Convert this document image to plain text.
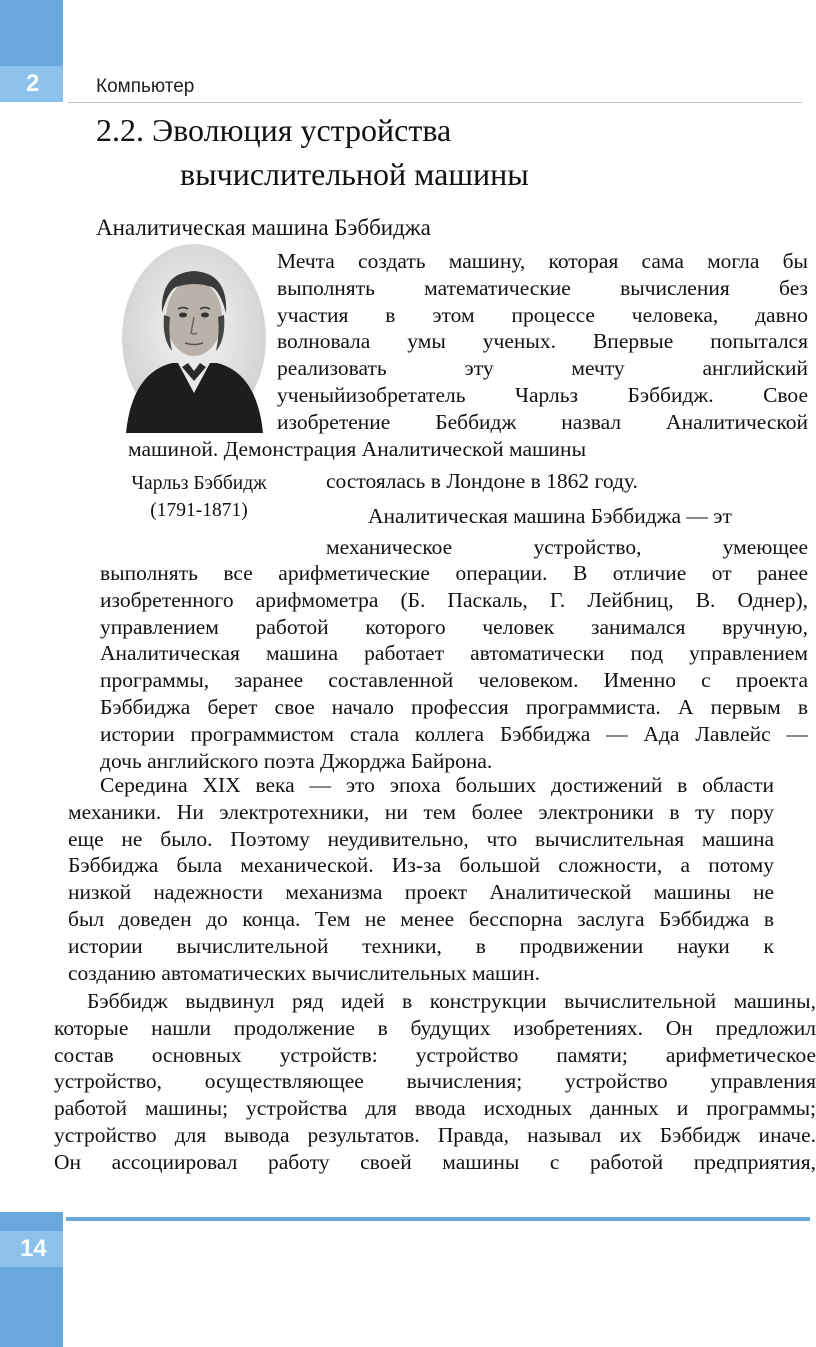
2	Компьютер
2.2. Эволюция устройства
вычислительной машины
Аналитическая машина Бэббиджа
Мечта создать машину, которая сама могла бы
выполнять математические вычисления без
участия в этом процессе человека, давно
волновала умы ученых. Впервые попытался
реализовать эту мечту английский
ученыйизобретатель Чарльз Бэббидж. Свое
изобретение Беббидж назвал Аналитической
машиной. Демонстрация Аналитической машины
состоялась в Лондоне в 1862 году.
Чарльз Бэббидж
(1791-1871)	Аналитическая машина Бэббиджа — эт
механическое устройство, умеющее
выполнять все арифметические операции. В отличие от ранее
изобретенного арифмометра (Б. Паскаль, Г. Лейбниц, В. Однер),
управлением работой которого человек занимался вручную,
Аналитическая машина работает автоматически под управлением
программы, заранее составленной человеком. Именно с проекта
Бэббиджа берет свое начало профессия программиста. А первым в
истории программистом стала коллега Бэббиджа — Ада Лавлейс —
дочь английского поэта Джорджа Байрона.
Середина XIX века — это эпоха больших достижений в области
механики. Ни электротехники, ни тем более электроники в ту пору
еще не было. Поэтому неудивительно, что вычислительная машина
Бэббиджа была механической. Из-за большой сложности, а потому
низкой надежности механизма проект Аналитической машины не
был доведен до конца. Тем не менее бесспорна заслуга Бэббиджа в
истории вычислительной техники, в продвижении науки к
созданию автоматических вычислительных машин.
Бэббидж выдвинул ряд идей в конструкции вычислительной машины,
которые нашли продолжение в будущих изобретениях. Он предложил
состав основных устройств: устройство памяти; арифметическое
устройство, осуществляющее вычисления; устройство управления
работой машины; устройства для ввода исходных данных и программы;
устройство для вывода результатов. Правда, называл их Бэббидж иначе.
Он ассоциировал работу своей машины с работой предприятия,
14
